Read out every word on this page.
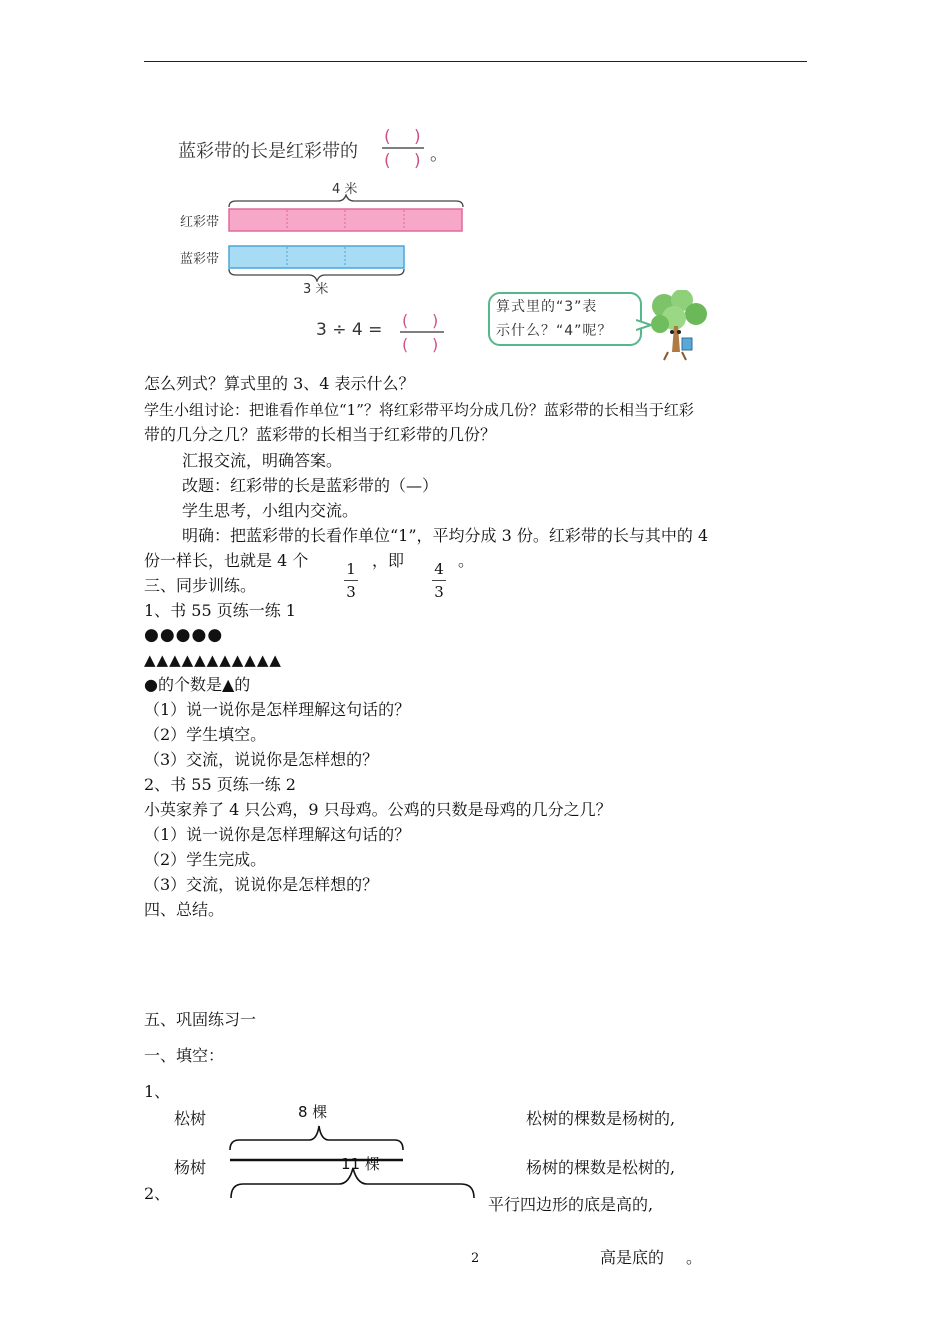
蓝彩带的长是红彩带的
( )
( ) 。
4 米
红彩带
蓝彩带
3 米
3 ÷ 4 = ( )
( )
算式里的“3”表
示什么？“4”呢？
怎么列式？算式里的 3、4 表示什么？
学生小组讨论：把谁看作单位“1”？将红彩带平均分成几份？蓝彩带的长相当于红彩
带的几分之几？蓝彩带的长相当于红彩带的几份？
汇报交流，明确答案。
改题：红彩带的长是蓝彩带的（—）
学生思考，小组内交流。
明确：把蓝彩带的长看作单位“1”，平均分成 3 份。红彩带的长与其中的 4
份一样长，也就是 4 个	1
3
，即 4
3
。
三、同步训练。
1、书 55 页练一练 1
●●●●●
▲▲▲▲▲▲▲▲▲▲▲
●的个数是▲的
（1）说一说你是怎样理解这句话的？
（2）学生填空。
（3）交流，说说你是怎样想的？
2、书 55 页练一练 2
小英家养了 4 只公鸡，9 只母鸡。公鸡的只数是母鸡的几分之几？
（1）说一说你是怎样理解这句话的？
（2）学生完成。
（3）交流，说说你是怎样想的？
四、总结。
五、巩固练习一
一、填空：
1、
松树	8 棵	松树的棵数是杨树的,
杨树	11 棵	杨树的棵数是松树的,
2、
平行四边形的底是高的,
高是底的 。
2
